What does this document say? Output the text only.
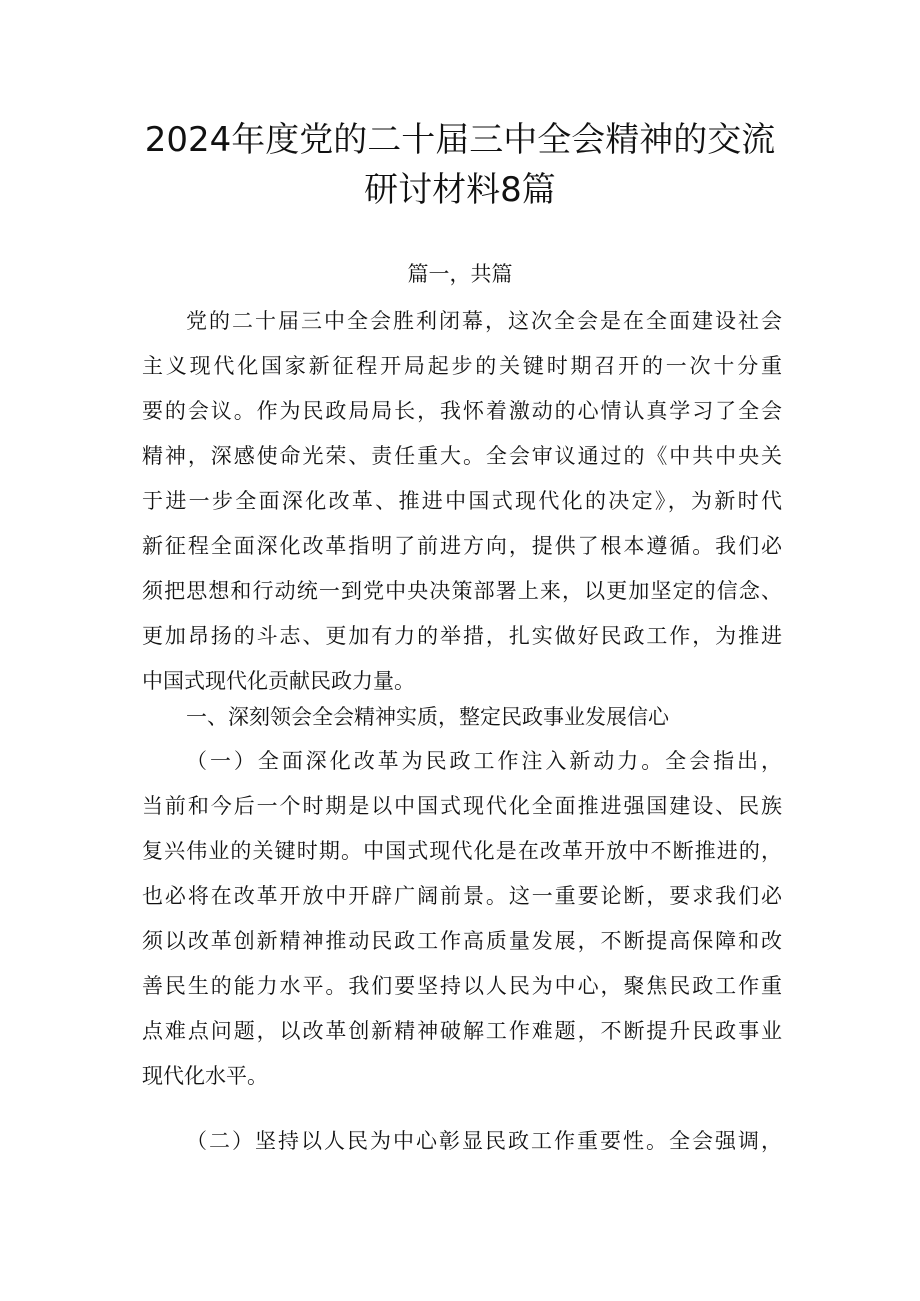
2024年度党的二十届三中全会精神的交流
研讨材料8篇
篇一，共篇

党的二十届三中全会胜利闭幕，这次全会是在全面建设社会

主义现代化国家新征程开局起步的关键时期召开的一次十分重

要的会议。作为民政局局长，我怀着激动的心情认真学习了全会

精神，深感使命光荣、责任重大。全会审议通过的《中共中央关

于进一步全面深化改革、推进中国式现代化的决定》，为新时代

新征程全面深化改革指明了前进方向，提供了根本遵循。我们必

须把思想和行动统一到党中央决策部署上来，以更加坚定的信念、

更加昂扬的斗志、更加有力的举措，扎实做好民政工作，为推进

中国式现代化贡献民政力量。

一、深刻领会全会精神实质，整定民政事业发展信心

（一）全面深化改革为民政工作注入新动力。全会指出，

当前和今后一个时期是以中国式现代化全面推进强国建设、民族

复兴伟业的关键时期。中国式现代化是在改革开放中不断推进的，

也必将在改革开放中开辟广阔前景。这一重要论断，要求我们必

须以改革创新精神推动民政工作高质量发展，不断提高保障和改

善民生的能力水平。我们要坚持以人民为中心，聚焦民政工作重

点难点问题，以改革创新精神破解工作难题，不断提升民政事业

现代化水平。

（二）坚持以人民为中心彰显民政工作重要性。全会强调，
